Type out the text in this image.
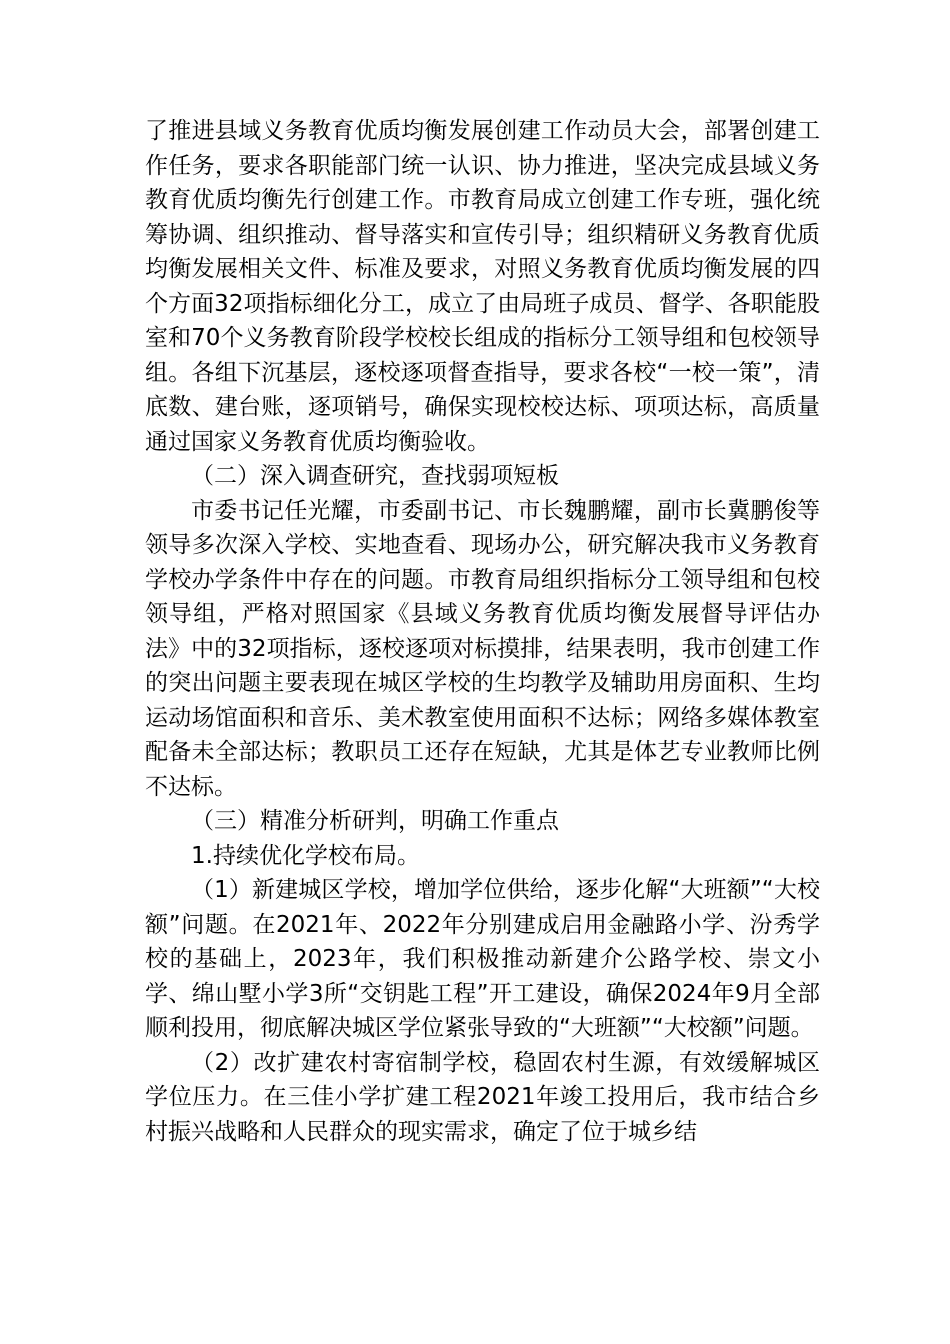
了推进县域义务教育优质均衡发展创建工作动员大会，部署创建工作任务，要求各职能部门统一认识、协力推进，坚决完成县域义务教育优质均衡先行创建工作。市教育局成立创建工作专班，强化统筹协调、组织推动、督导落实和宣传引导；组织精研义务教育优质均衡发展相关文件、标准及要求，对照义务教育优质均衡发展的四个方面32项指标细化分工，成立了由局班子成员、督学、各职能股室和70个义务教育阶段学校校长组成的指标分工领导组和包校领导组。各组下沉基层，逐校逐项督查指导，要求各校“一校一策”，清底数、建台账，逐项销号，确保实现校校达标、项项达标，高质量通过国家义务教育优质均衡验收。

（二）深入调查研究，查找弱项短板

市委书记任光耀，市委副书记、市长魏鹏耀，副市长冀鹏俊等领导多次深入学校、实地查看、现场办公，研究解决我市义务教育学校办学条件中存在的问题。市教育局组织指标分工领导组和包校领导组，严格对照国家《县域义务教育优质均衡发展督导评估办法》中的32项指标，逐校逐项对标摸排，结果表明，我市创建工作的突出问题主要表现在城区学校的生均教学及辅助用房面积、生均运动场馆面积和音乐、美术教室使用面积不达标；网络多媒体教室配备未全部达标；教职员工还存在短缺，尤其是体艺专业教师比例不达标。

（三）精准分析研判，明确工作重点

1.持续优化学校布局。

（1）新建城区学校，增加学位供给，逐步化解“大班额”“大校额”问题。在2021年、2022年分别建成启用金融路小学、汾秀学校的基础上，2023年，我们积极推动新建介公路学校、崇文小学、绵山墅小学3所“交钥匙工程”开工建设，确保2024年9月全部顺利投用，彻底解决城区学位紧张导致的“大班额”“大校额”问题。

（2）改扩建农村寄宿制学校，稳固农村生源，有效缓解城区学位压力。在三佳小学扩建工程2021年竣工投用后，我市结合乡村振兴战略和人民群众的现实需求，确定了位于城乡结
